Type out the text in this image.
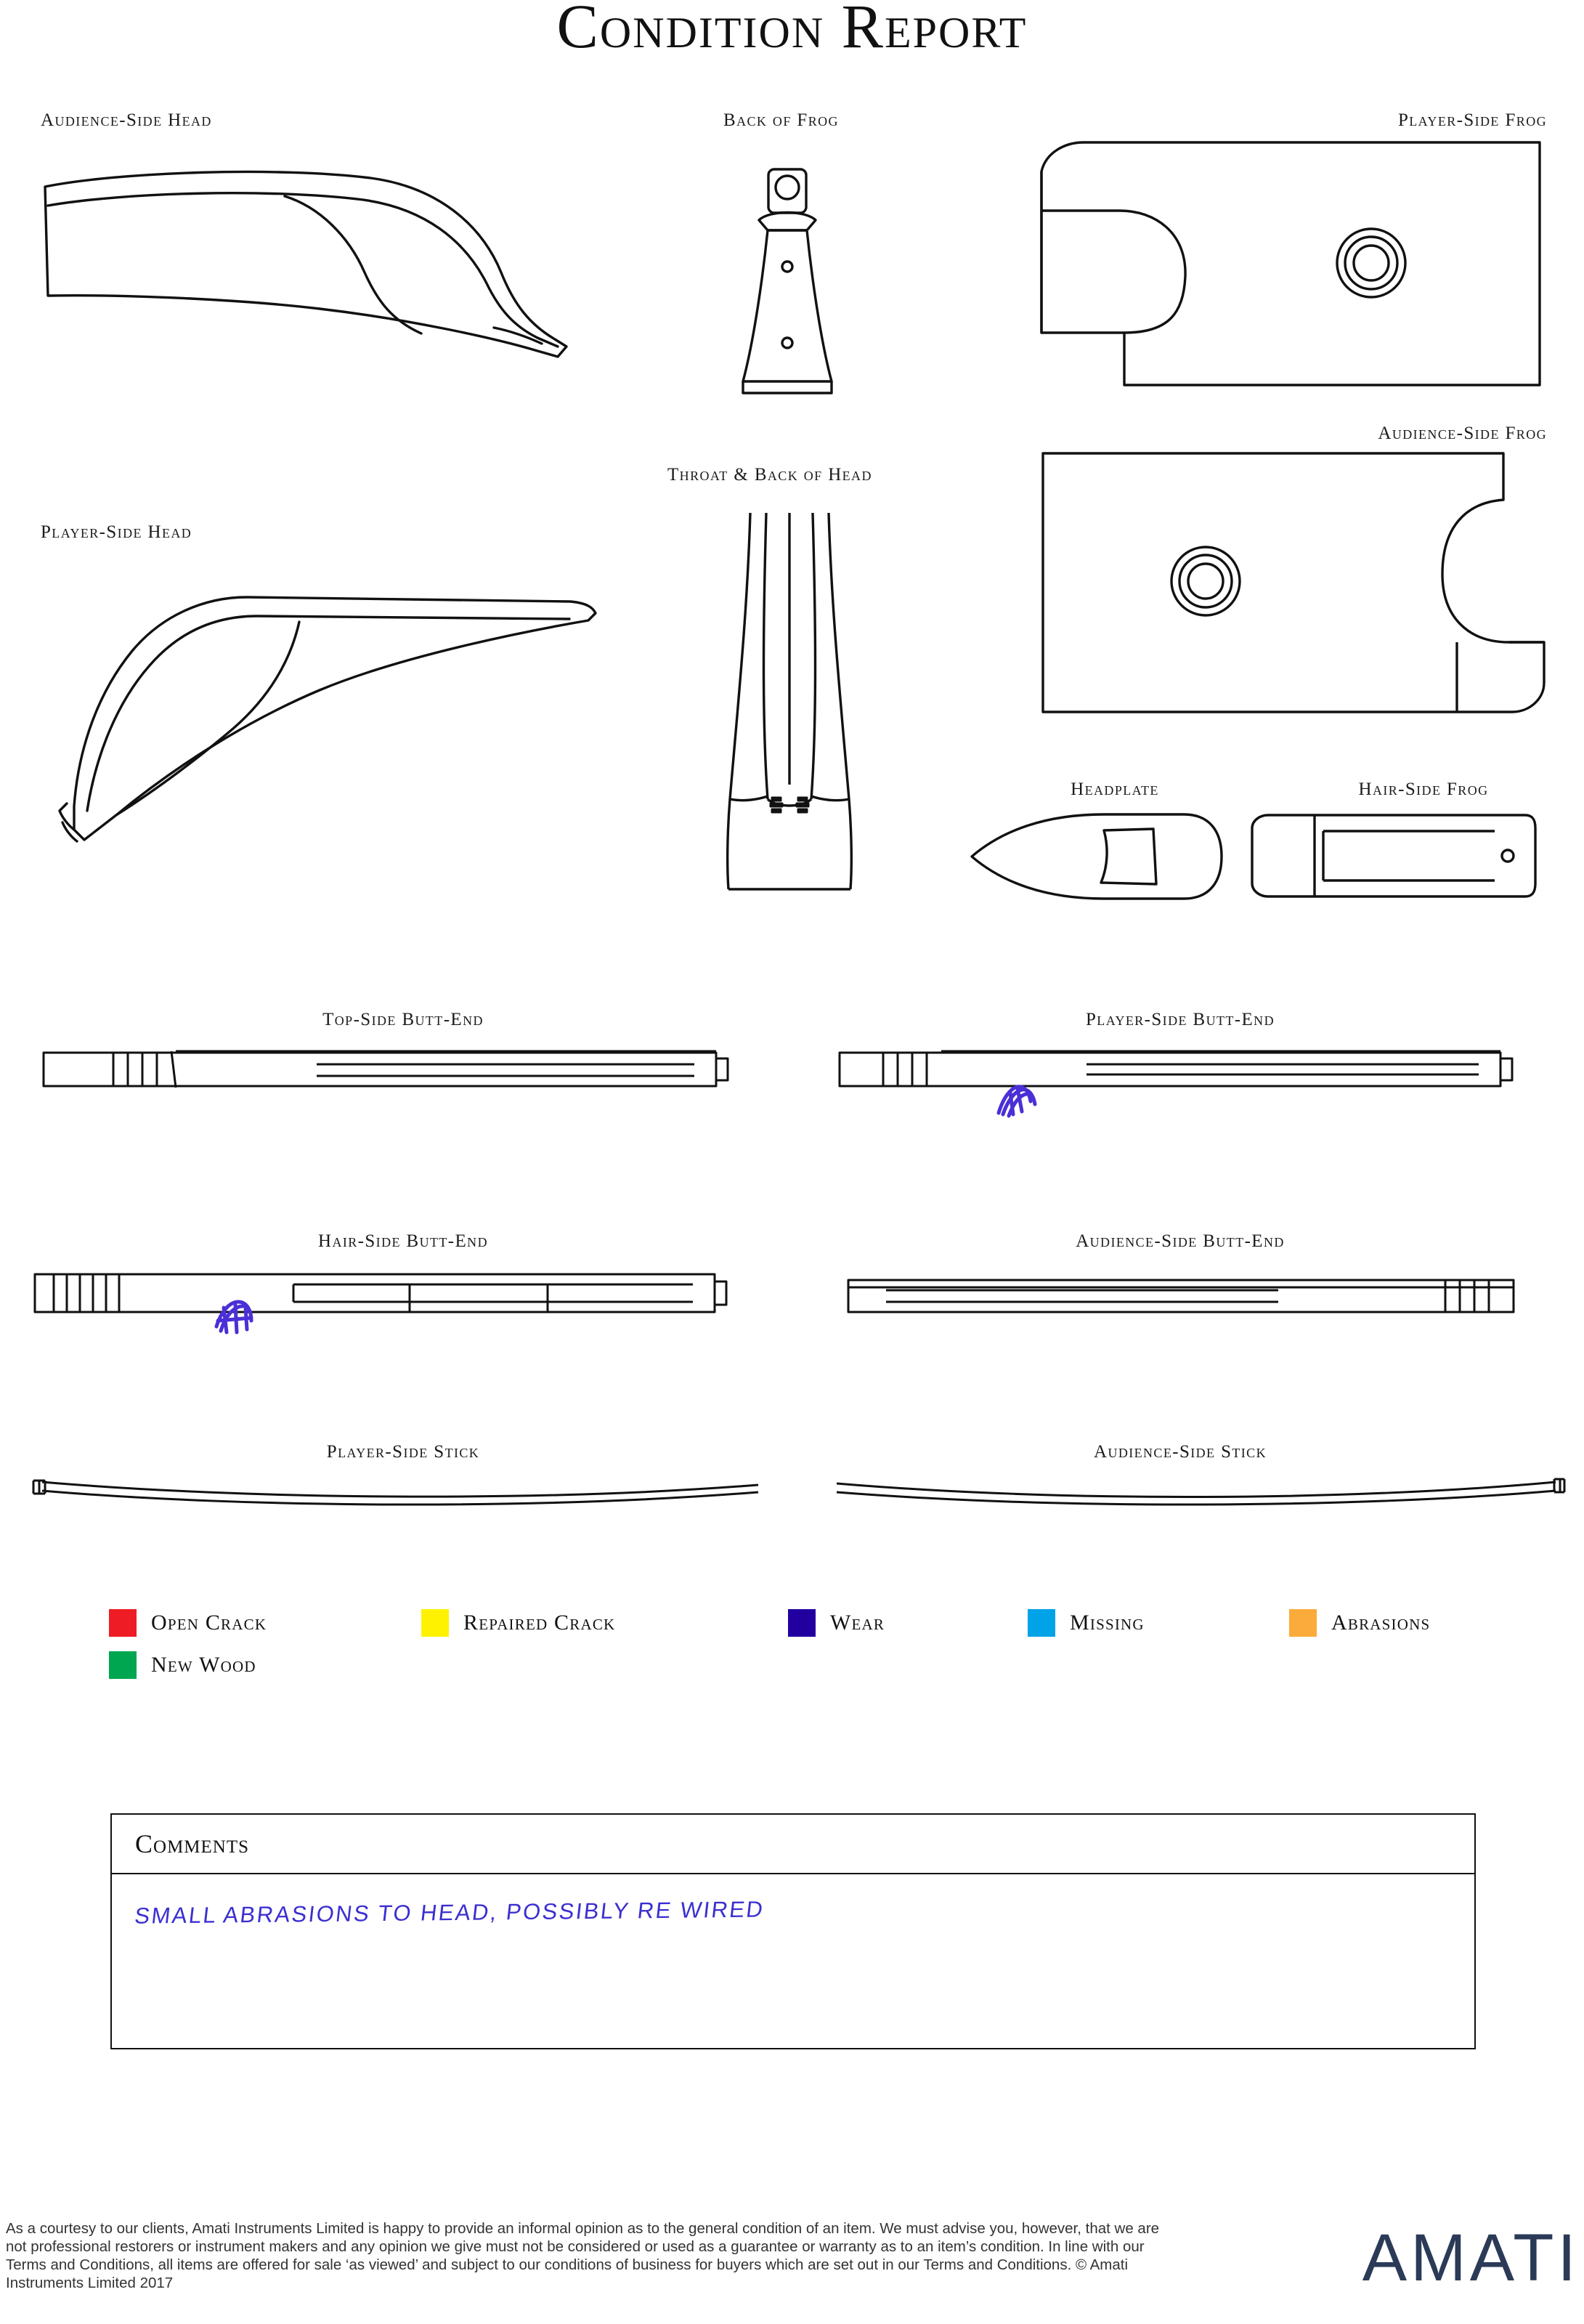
Condition Report
Audience-Side Head	Back of Frog	Player-Side Frog
Audience-Side Frog
Throat & Back of Head
Player-Side Head
Headplate	Hair-Side Frog
Top-Side Butt-End	Player-Side Butt-End
Hair-Side Butt-End	Audience-Side Butt-End
Player-Side Stick	Audience-Side Stick
Open Crack	Repaired Crack	Wear	Missing	Abrasions
New Wood
Comments
SMALL ABRASIONS TO HEAD, POSSIBLY RE WIRED
As a courtesy to our clients, Amati Instruments Limited is happy to provide an informal opinion as to the general condition of an item. We must advise you, however, that we are not professional restorers or instrument makers and any opinion we give must not be considered or used as a guarantee or warranty as to an item’s condition. In line with our Terms and Conditions, all items are offered for sale ‘as viewed’ and subject to our conditions of business for buyers which are set out in our Terms and Conditions. © Amati Instruments Limited 2017	AMATI
